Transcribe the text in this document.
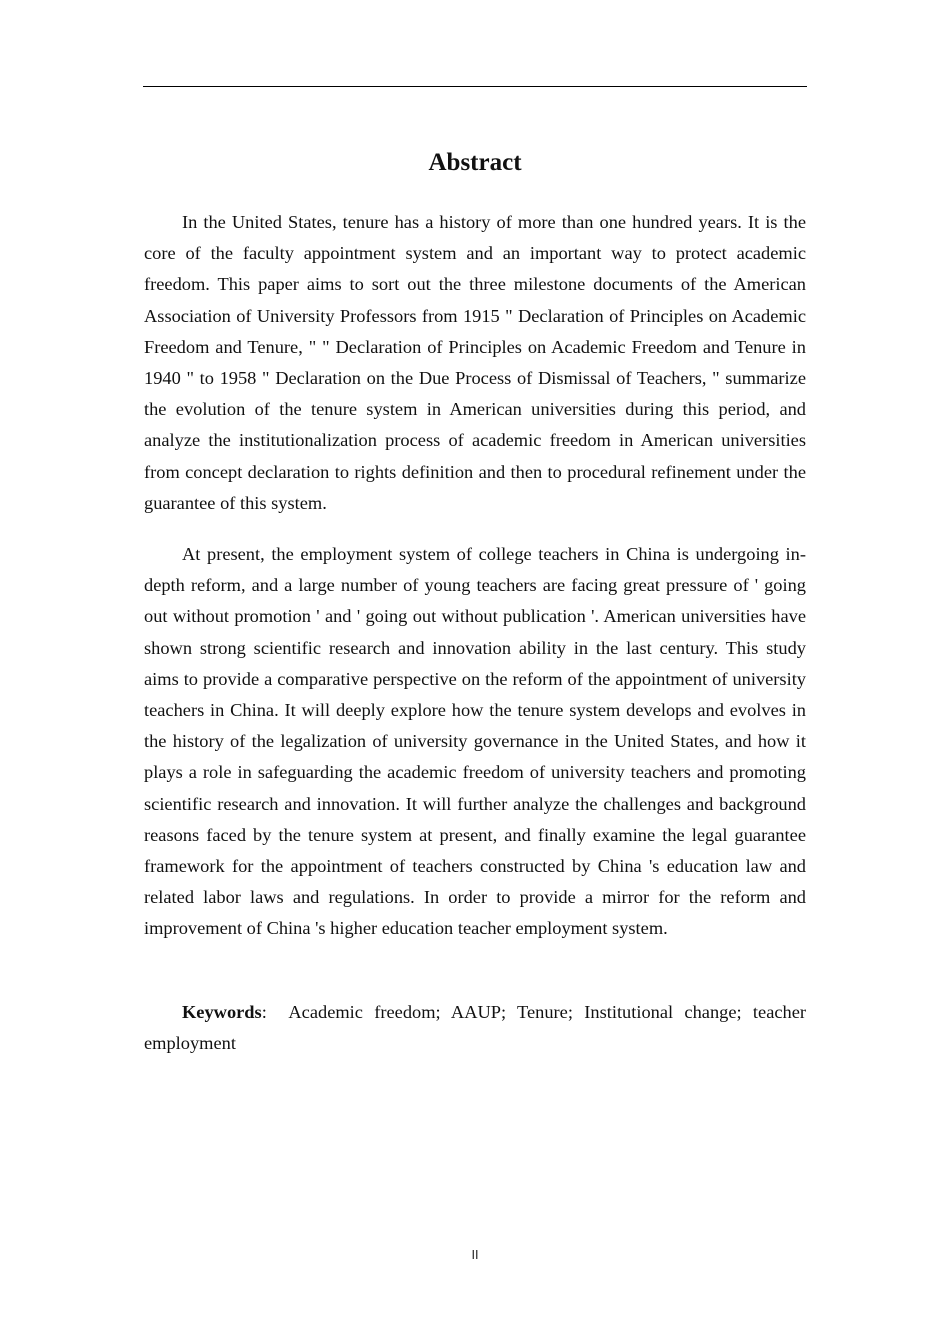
Abstract

In the United States, tenure has a history of more than one hundred years. It is the core of the faculty appointment system and an important way to protect academic freedom. This paper aims to sort out the three milestone documents of the American Association of University Professors from 1915 " Declaration of Principles on Academic Freedom and Tenure, " " Declaration of Principles on Academic Freedom and Tenure in 1940 " to 1958 " Declaration on the Due Process of Dismissal of Teachers, " summarize the evolution of the tenure system in American universities during this period, and analyze the institutionalization process of academic freedom in American universities from concept declaration to rights definition and then to procedural refinement under the guarantee of this system.

At present, the employment system of college teachers in China is undergoing in-depth reform, and a large number of young teachers are facing great pressure of ' going out without promotion ' and ' going out without publication '. American universities have shown strong scientific research and innovation ability in the last century. This study aims to provide a comparative perspective on the reform of the appointment of university teachers in China. It will deeply explore how the tenure system develops and evolves in the history of the legalization of university governance in the United States, and how it plays a role in safeguarding the academic freedom of university teachers and promoting scientific research and innovation. It will further analyze the challenges and background reasons faced by the tenure system at present, and finally examine the legal guarantee framework for the appointment of teachers constructed by China 's education law and related labor laws and regulations. In order to provide a mirror for the reform and improvement of China 's higher education teacher employment system.

Keywords: Academic freedom; AAUP; Tenure; Institutional change; teacher employment

II
